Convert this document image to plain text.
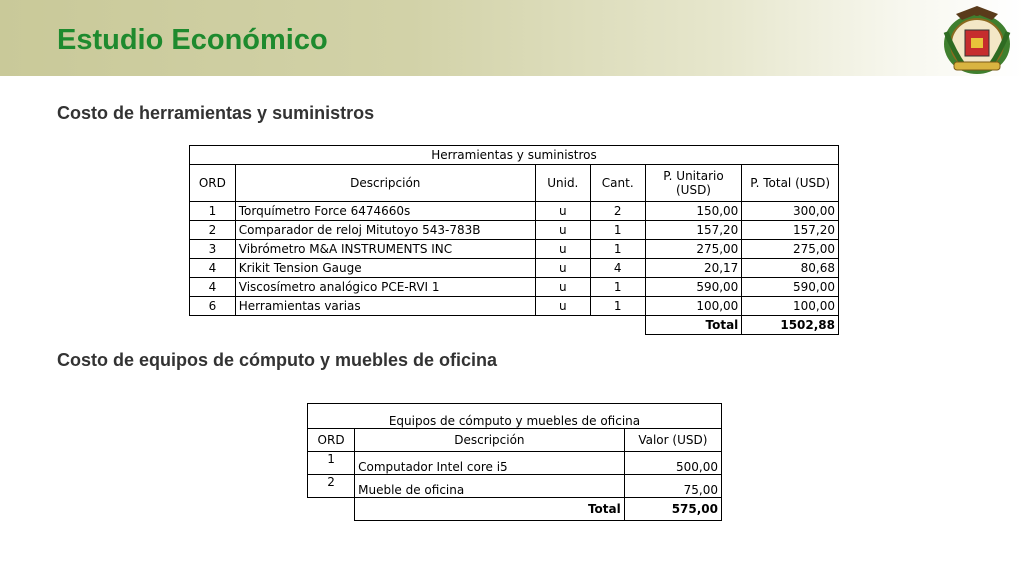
Estudio Económico
Costo de herramientas y suministros
Herramientas y suministros					
ORD	Descripción	Unid.	Cant.	P. Unitario (USD)	P. Total (USD)
1	Torquímetro Force 6474660s	u	2	150,00	300,00
2	Comparador de reloj Mitutoyo 543-783B	u	1	157,20	157,20
3	Vibrómetro M&A INSTRUMENTS INC	u	1	275,00	275,00
4	Krikit Tension Gauge	u	4	20,17	80,68
4	Viscosímetro analógico PCE-RVI 1	u	1	590,00	590,00
6	Herramientas varias	u	1	100,00	100,00
				Total	1502,88
Costo de equipos de cómputo y muebles de oficina
Equipos de cómputo y muebles de oficina		
ORD	Descripción	Valor (USD)
1	Computador Intel core i5	500,00
2	Mueble de oficina	75,00
	Total	575,00
